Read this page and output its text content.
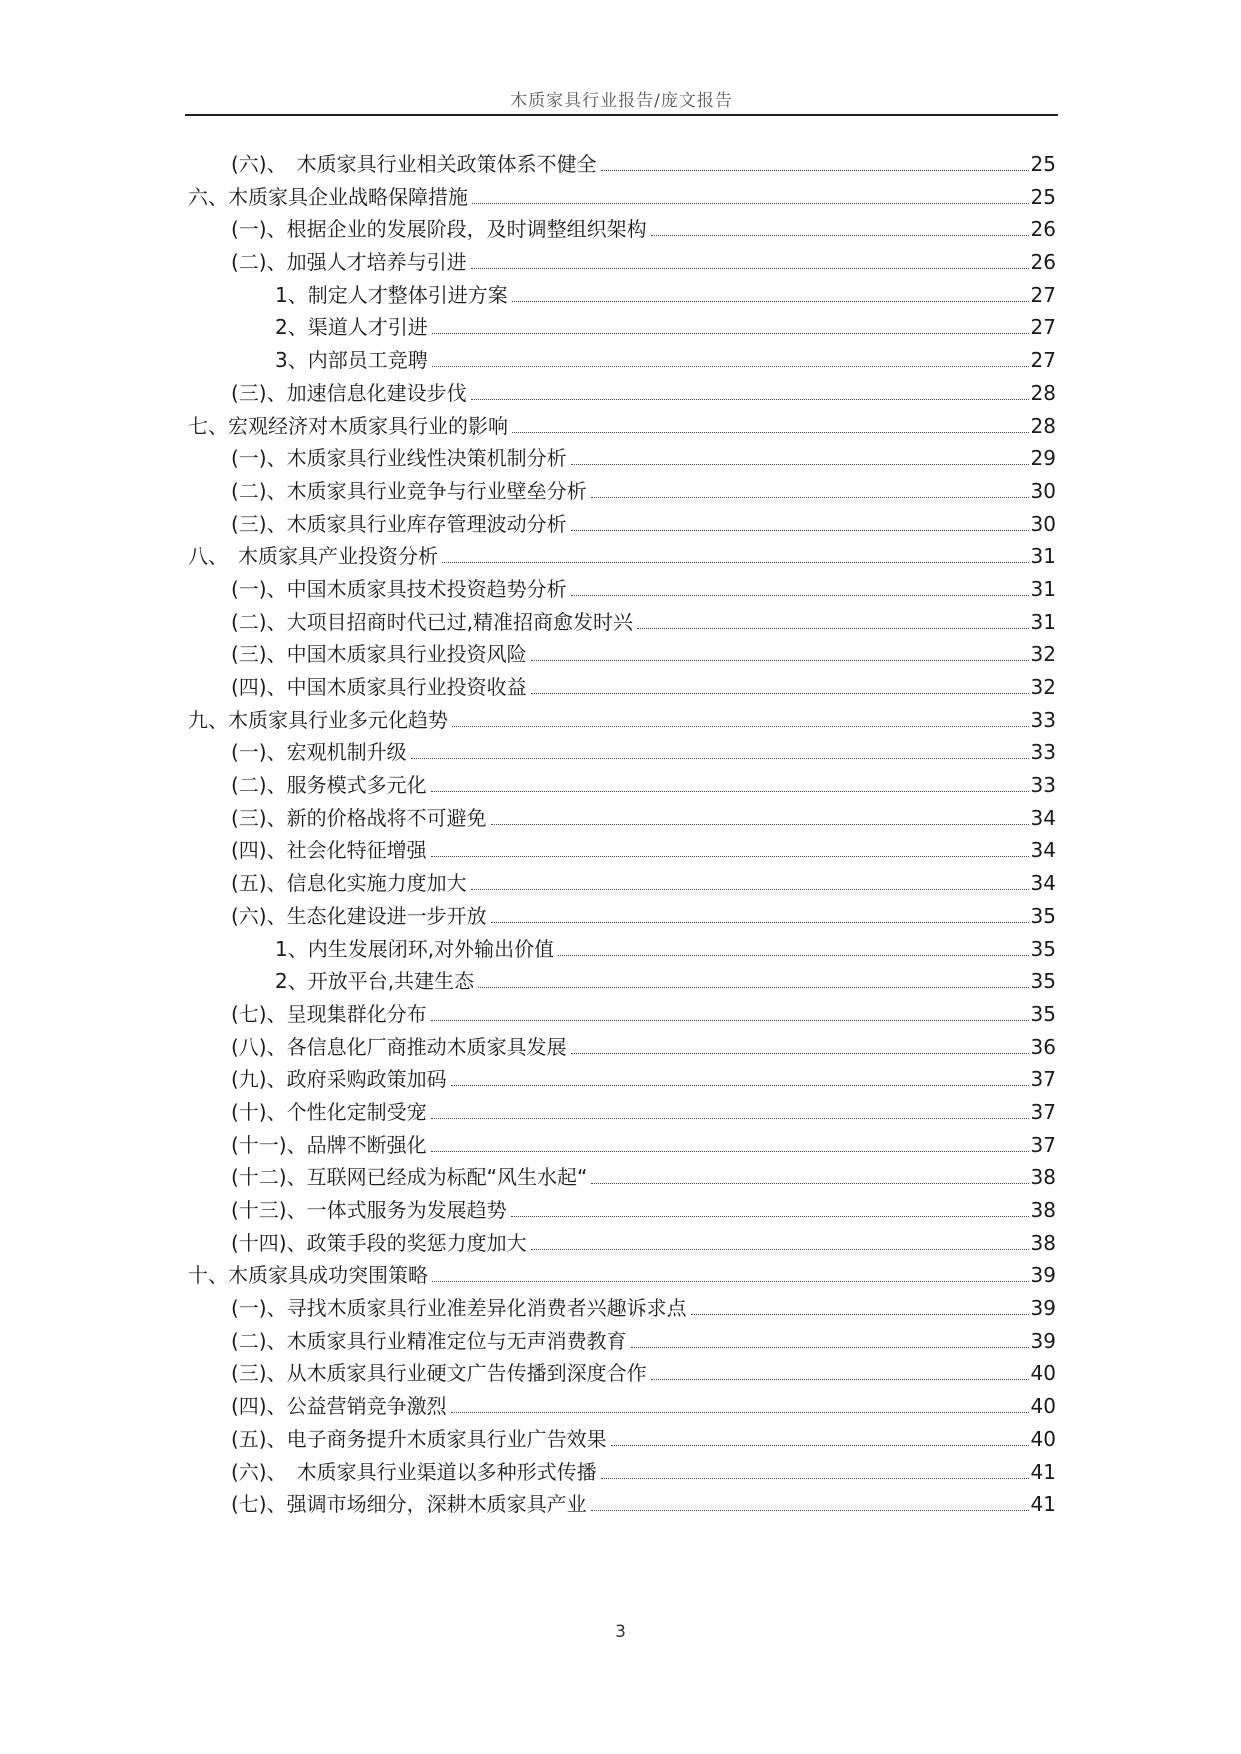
木质家具行业报告/庞文报告
(六)、　木质家具行业相关政策体系不健全	25
六、木质家具企业战略保障措施	25
(一)、根据企业的发展阶段，及时调整组织架构	26
(二)、加强人才培养与引进	26
1、制定人才整体引进方案	27
2、渠道人才引进	27
3、内部员工竞聘	27
(三)、加速信息化建设步伐	28
七、宏观经济对木质家具行业的影响	28
(一)、木质家具行业线性决策机制分析	29
(二)、木质家具行业竞争与行业壁垒分析	30
(三)、木质家具行业库存管理波动分析	30
八、　木质家具产业投资分析	31
(一)、中国木质家具技术投资趋势分析	31
(二)、大项目招商时代已过,精准招商愈发时兴	31
(三)、中国木质家具行业投资风险	32
(四)、中国木质家具行业投资收益	32
九、木质家具行业多元化趋势	33
(一)、宏观机制升级	33
(二)、服务模式多元化	33
(三)、新的价格战将不可避免	34
(四)、社会化特征增强	34
(五)、信息化实施力度加大	34
(六)、生态化建设进一步开放	35
1、内生发展闭环,对外输出价值	35
2、开放平台,共建生态	35
(七)、呈现集群化分布	35
(八)、各信息化厂商推动木质家具发展	36
(九)、政府采购政策加码	37
(十)、个性化定制受宠	37
(十一)、品牌不断强化	37
(十二)、互联网已经成为标配“风生水起“	38
(十三)、一体式服务为发展趋势	38
(十四)、政策手段的奖惩力度加大	38
十、木质家具成功突围策略	39
(一)、寻找木质家具行业准差异化消费者兴趣诉求点	39
(二)、木质家具行业精准定位与无声消费教育	39
(三)、从木质家具行业硬文广告传播到深度合作	40
(四)、公益营销竞争激烈	40
(五)、电子商务提升木质家具行业广告效果	40
(六)、　木质家具行业渠道以多种形式传播	41
(七)、强调市场细分，深耕木质家具产业	41
3
